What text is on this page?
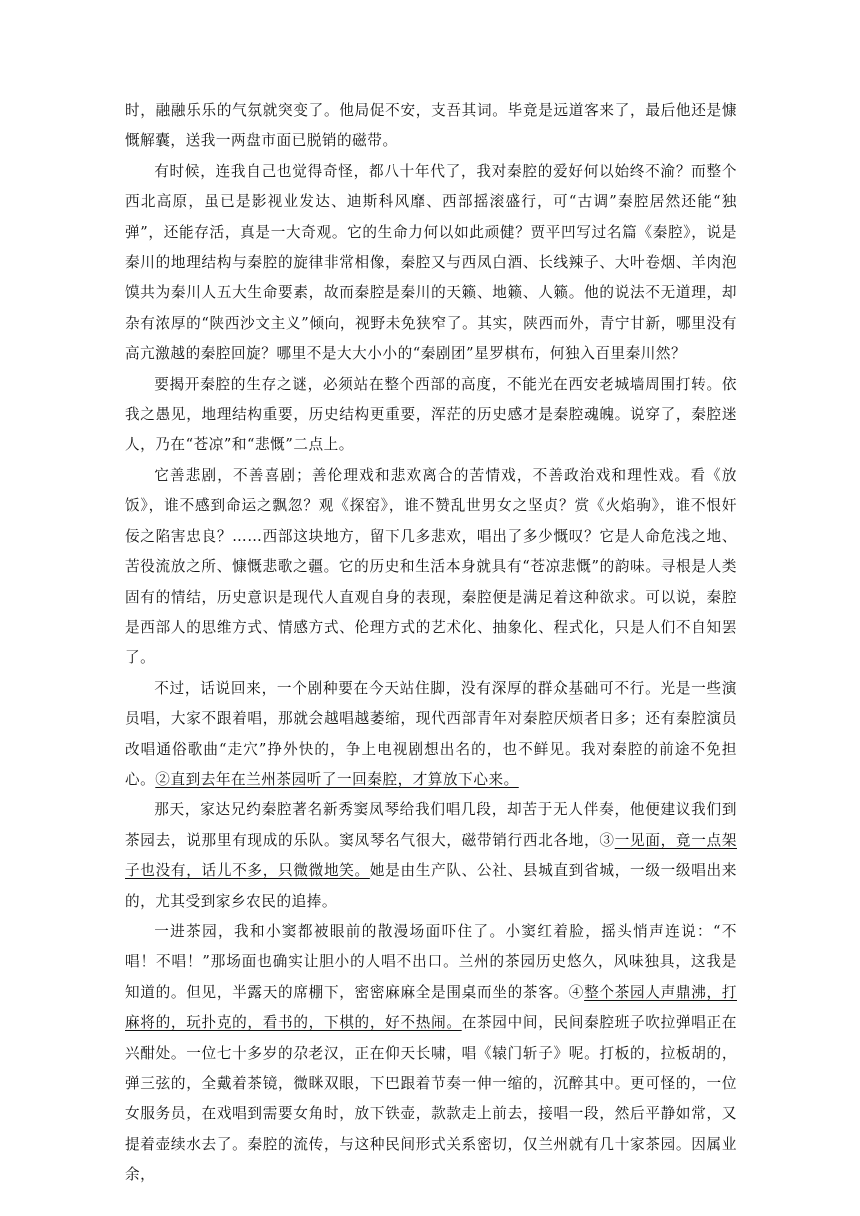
时，融融乐乐的气氛就突变了。他局促不安，支吾其词。毕竟是远道客来了，最后他还是慷慨解囊，送我一两盘市面已脱销的磁带。

有时候，连我自己也觉得奇怪，都八十年代了，我对秦腔的爱好何以始终不渝？而整个西北高原，虽已是影视业发达、迪斯科风靡、西部摇滚盛行，可“古调”秦腔居然还能“独弹”，还能存活，真是一大奇观。它的生命力何以如此顽健？贾平凹写过名篇《秦腔》，说是秦川的地理结构与秦腔的旋律非常相像，秦腔又与西凤白酒、长线辣子、大叶卷烟、羊肉泡馍共为秦川人五大生命要素，故而秦腔是秦川的天籁、地籁、人籁。他的说法不无道理，却杂有浓厚的“陕西沙文主义”倾向，视野未免狭窄了。其实，陕西而外，青宁甘新，哪里没有高亢激越的秦腔回旋？哪里不是大大小小的“秦剧团”星罗棋布，何独入百里秦川然？

要揭开秦腔的生存之谜，必须站在整个西部的高度，不能光在西安老城墙周围打转。依我之愚见，地理结构重要，历史结构更重要，浑茫的历史感才是秦腔魂魄。说穿了，秦腔迷人，乃在“苍凉”和“悲慨”二点上。

它善悲剧，不善喜剧；善伦理戏和悲欢离合的苦情戏，不善政治戏和理性戏。看《放饭》，谁不感到命运之飘忽？观《探窑》，谁不赞乱世男女之坚贞？赏《火焰驹》，谁不恨奸佞之陷害忠良？……西部这块地方，留下几多悲欢，唱出了多少慨叹？它是人命危浅之地、苦役流放之所、慷慨悲歌之疆。它的历史和生活本身就具有“苍凉悲慨”的韵味。寻根是人类固有的情结，历史意识是现代人直观自身的表现，秦腔便是满足着这种欲求。可以说，秦腔是西部人的思维方式、情感方式、伦理方式的艺术化、抽象化、程式化，只是人们不自知罢了。

不过，话说回来，一个剧种要在今天站住脚，没有深厚的群众基础可不行。光是一些演员唱，大家不跟着唱，那就会越唱越萎缩，现代西部青年对秦腔厌烦者日多；还有秦腔演员改唱通俗歌曲“走穴”挣外快的，争上电视剧想出名的，也不鲜见。我对秦腔的前途不免担心。②直到去年在兰州茶园听了一回秦腔，才算放下心来。

那天，家达兄约秦腔著名新秀窦凤琴给我们唱几段，却苦于无人伴奏，他便建议我们到茶园去，说那里有现成的乐队。窦凤琴名气很大，磁带销行西北各地，③一见面，竟一点架子也没有，话儿不多，只微微地笑。她是由生产队、公社、县城直到省城，一级一级唱出来的，尤其受到家乡农民的追捧。

一进茶园，我和小窦都被眼前的散漫场面吓住了。小窦红着脸，摇头悄声连说：“不唱！不唱！”那场面也确实让胆小的人唱不出口。兰州的茶园历史悠久，风味独具，这我是知道的。但见，半露天的席棚下，密密麻麻全是围桌而坐的茶客。④整个茶园人声鼎沸，打麻将的，玩扑克的，看书的，下棋的，好不热闹。在茶园中间，民间秦腔班子吹拉弹唱正在兴酣处。一位七十多岁的尕老汉，正在仰天长啸，唱《辕门斩子》呢。打板的，拉板胡的，弹三弦的，全戴着茶镜，微眯双眼，下巴跟着节奏一伸一缩的，沉醉其中。更可怪的，一位女服务员，在戏唱到需要女角时，放下铁壶，款款走上前去，接唱一段，然后平静如常，又提着壶续水去了。秦腔的流传，与这种民间形式关系密切，仅兰州就有几十家茶园。因属业余，
